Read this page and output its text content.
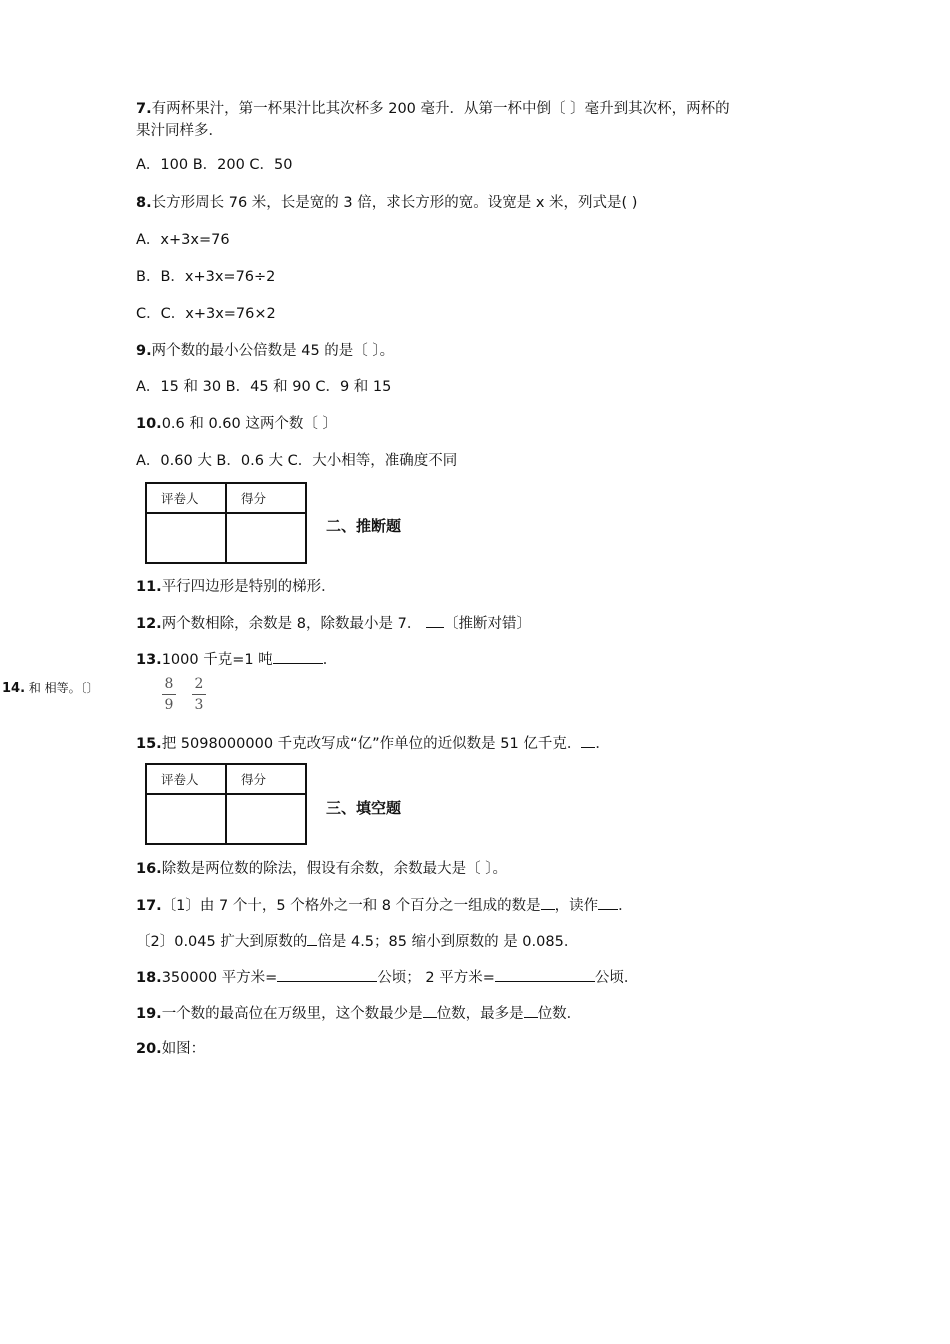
7.有两杯果汁，第一杯果汁比其次杯多 200 毫升．从第一杯中倒〔 〕毫升到其次杯，两杯的
果汁同样多．
A．100 B．200 C．50
8.长方形周长 76 米，长是宽的 3 倍，求长方形的宽。设宽是 x 米，列式是( )
A．x+3x=76
B．B．x+3x=76÷2
C．C．x+3x=76×2
9.两个数的最小公倍数是 45 的是〔 〕。
A．15 和 30 B．45 和 90 C．9 和 15
10.0.6 和 0.60 这两个数〔 〕
A．0.60 大 B．0.6 大 C．大小相等，准确度不同
评卷人	得分

二、推断题
11.平行四边形是特别的梯形．
12.两个数相除，余数是 8，除数最小是 7． 〔推断对错〕
13.1000 千克=1 吨	．
14. 和 相等。〔〕	8
9
2
3
15.把 5098000000 千克改写成“亿”作单位的近似数是 51 亿千克． ．
评卷人	得分

三、填空题
16.除数是两位数的除法，假设有余数，余数最大是〔 〕。
17.〔1〕由 7 个十，5 个格外之一和 8 个百分之一组成的数是 ，读作 ．
〔2〕0.045 扩大到原数的 倍是 4.5；85 缩小到原数的 是 0.085．
18.350000 平方米=	公顷； 2 平方米=	公顷．
19.一个数的最高位在万级里，这个数最少是 位数，最多是 位数．
20.如图：
